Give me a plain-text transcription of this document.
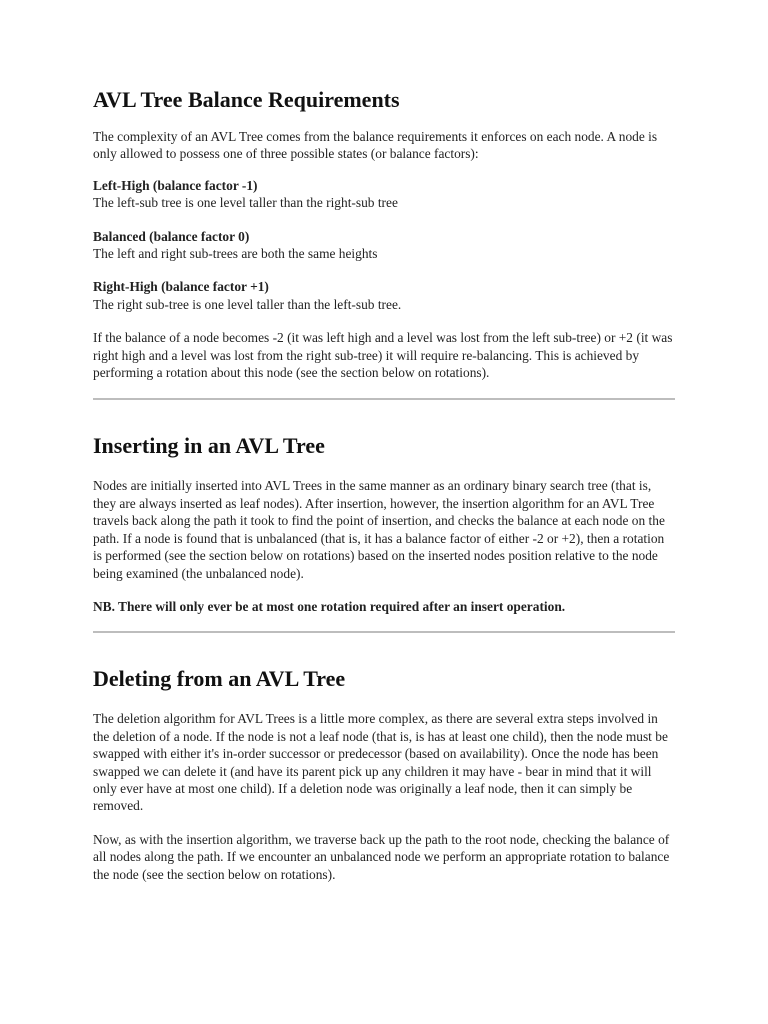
AVL Tree Balance Requirements

The complexity of an AVL Tree comes from the balance requirements it enforces on each node. A node is only allowed to possess one of three possible states (or balance factors):

Left-High (balance factor -1)
The left-sub tree is one level taller than the right-sub tree

Balanced (balance factor 0)
The left and right sub-trees are both the same heights

Right-High (balance factor +1)
The right sub-tree is one level taller than the left-sub tree.

If the balance of a node becomes -2 (it was left high and a level was lost from the left sub-tree) or +2 (it was right high and a level was lost from the right sub-tree) it will require re-balancing. This is achieved by performing a rotation about this node (see the section below on rotations).

Inserting in an AVL Tree

Nodes are initially inserted into AVL Trees in the same manner as an ordinary binary search tree (that is, they are always inserted as leaf nodes). After insertion, however, the insertion algorithm for an AVL Tree travels back along the path it took to find the point of insertion, and checks the balance at each node on the path. If a node is found that is unbalanced (that is, it has a balance factor of either -2 or +2), then a rotation is performed (see the section below on rotations) based on the inserted nodes position relative to the node being examined (the unbalanced node).

NB. There will only ever be at most one rotation required after an insert operation.

Deleting from an AVL Tree

The deletion algorithm for AVL Trees is a little more complex, as there are several extra steps involved in the deletion of a node. If the node is not a leaf node (that is, is has at least one child), then the node must be swapped with either it's in-order successor or predecessor (based on availability). Once the node has been swapped we can delete it (and have its parent pick up any children it may have - bear in mind that it will only ever have at most one child). If a deletion node was originally a leaf node, then it can simply be removed.

Now, as with the insertion algorithm, we traverse back up the path to the root node, checking the balance of all nodes along the path. If we encounter an unbalanced node we perform an appropriate rotation to balance the node (see the section below on rotations).
